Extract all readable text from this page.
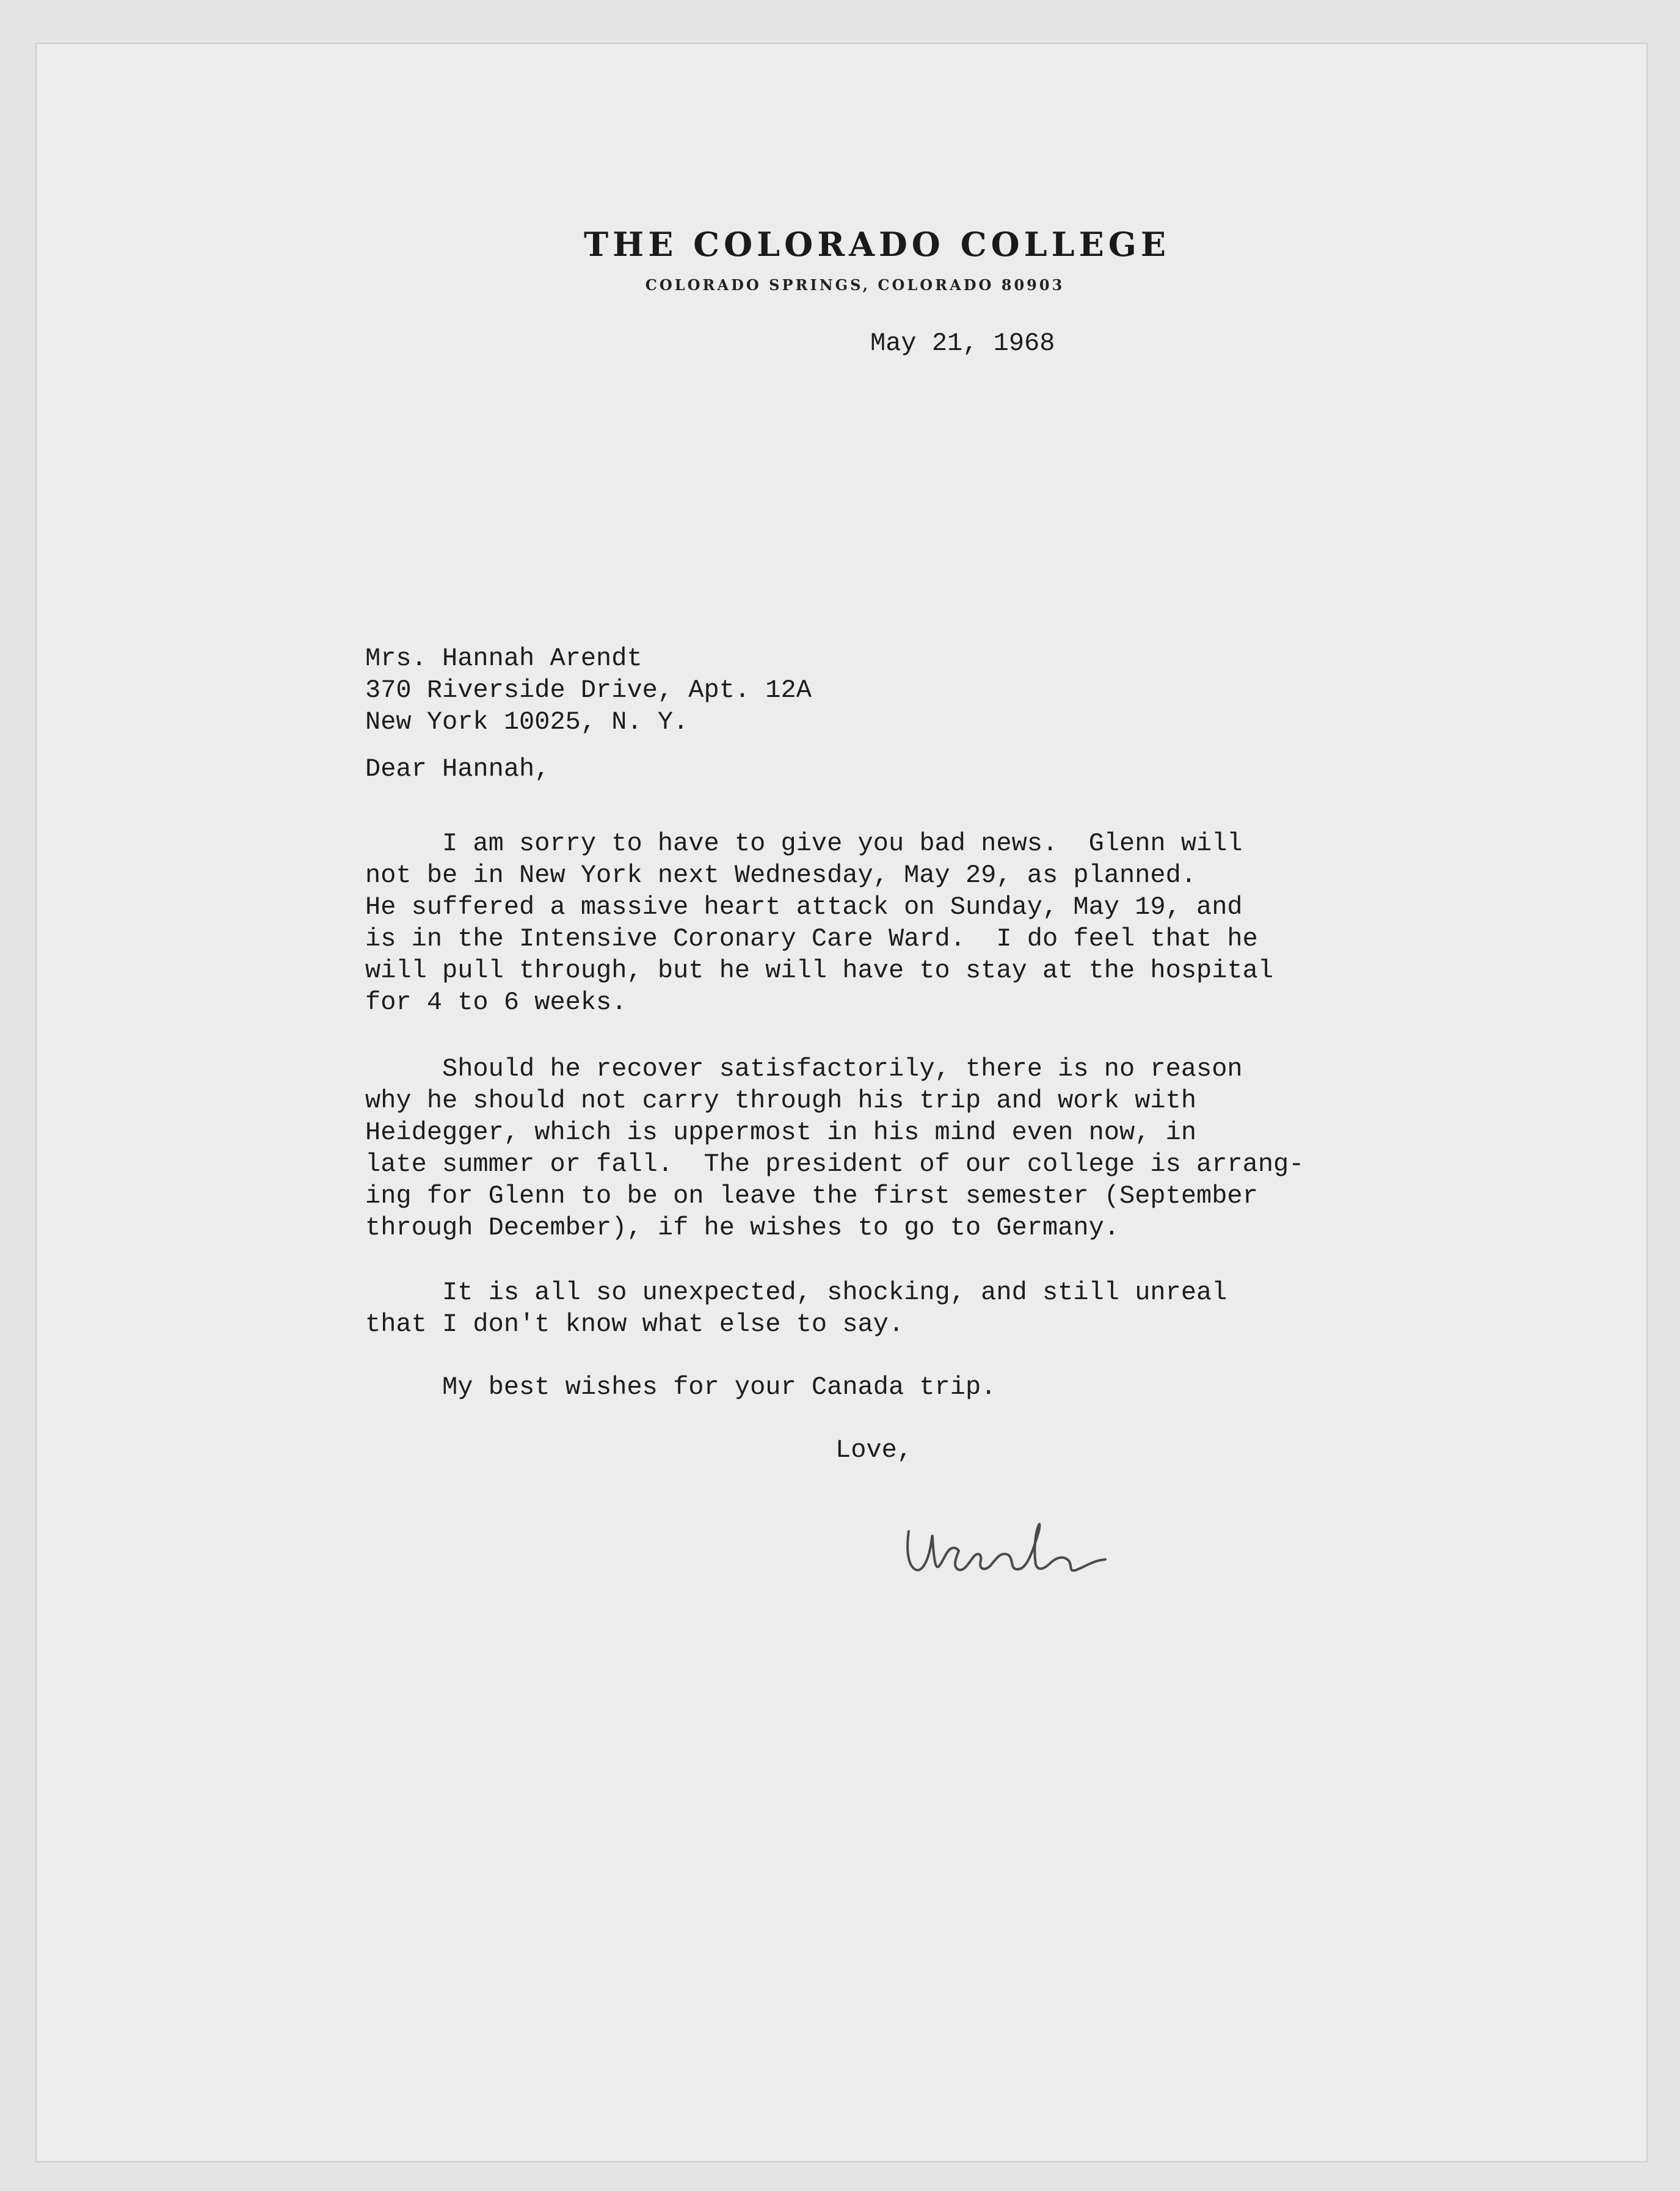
THE COLORADO COLLEGE
COLORADO SPRINGS, COLORADO 80903
May 21, 1968
Mrs. Hannah Arendt
370 Riverside Drive, Apt. 12A
New York 10025, N. Y.
Dear Hannah,

I am sorry to have to give you bad news.  Glenn will
not be in New York next Wednesday, May 29, as planned.
He suffered a massive heart attack on Sunday, May 19, and
is in the Intensive Coronary Care Ward.  I do feel that he
will pull through, but he will have to stay at the hospital
for 4 to 6 weeks.

Should he recover satisfactorily, there is no reason
why he should not carry through his trip and work with
Heidegger, which is uppermost in his mind even now, in
late summer or fall.  The president of our college is arrang-
ing for Glenn to be on leave the first semester (September
through December), if he wishes to go to Germany.

It is all so unexpected, shocking, and still unreal
that I don't know what else to say.

My best wishes for your Canada trip.

Love,
